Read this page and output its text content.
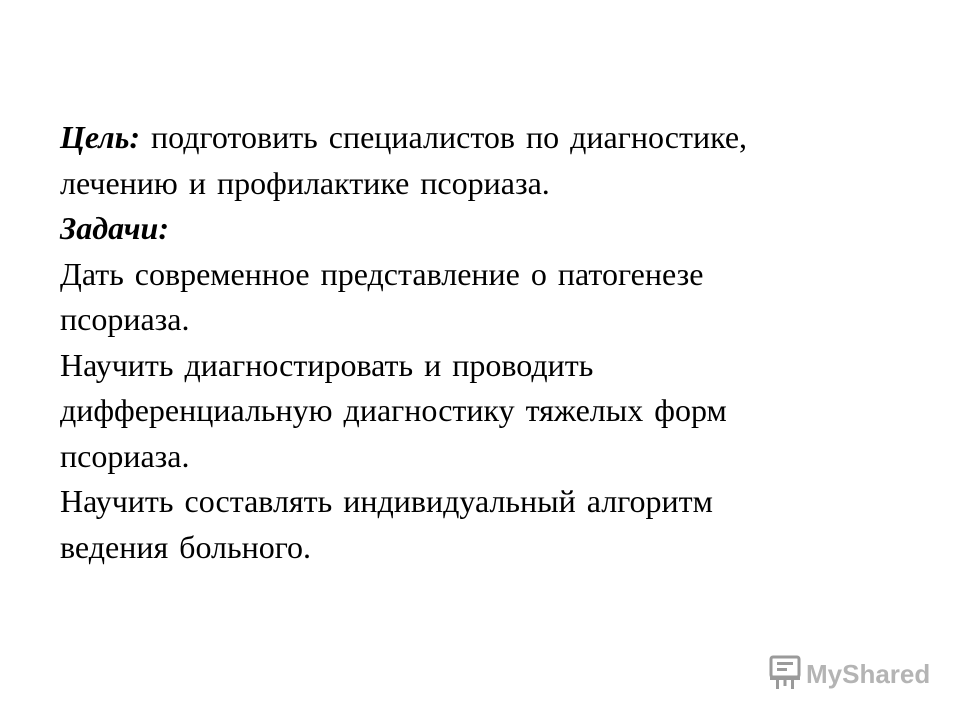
Цель: подготовить специалистов по диагностике,
лечению и профилактике псориаза.
Задачи:
Дать современное представление о патогенезе
псориаза.
Научить диагностировать и проводить
дифференциальную диагностику тяжелых форм
псориаза.
Научить составлять индивидуальный алгоритм
ведения больного.
MyShared
